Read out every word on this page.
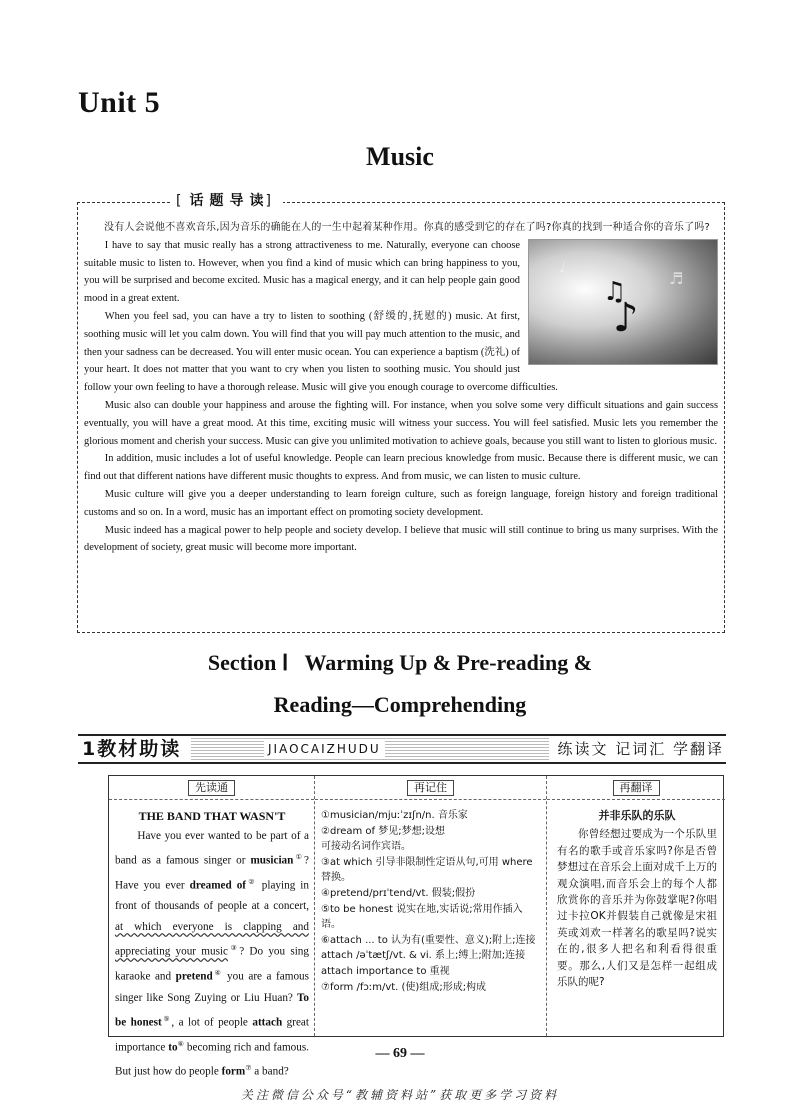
Unit 5
Music
[ 话题导读 ]

没有人会说他不喜欢音乐,因为音乐的确能在人的一生中起着某种作用。你真的感受到它的存在了吗?你真的找到一种适合你的音乐了吗?

♫
♪
♩
♬

I have to say that music really has a strong attractiveness to me. Naturally, everyone can choose suitable music to listen to. However, when you find a kind of music which can bring happiness to you, you will be surprised and become excited. Music has a magical energy, and it can help people gain good mood in a great extent.

When you feel sad, you can have a try to listen to soothing (舒缓的,抚慰的) music. At first, soothing music will let you calm down. You will find that you will pay much attention to the music, and then your sadness can be decreased. You will enter music ocean. You can experience a baptism (洗礼) of your heart. It does not matter that you want to cry when you listen to soothing music. You should just follow your own feeling to have a thorough release. Music will give you enough courage to overcome difficulties.

Music also can double your happiness and arouse the fighting will. For instance, when you solve some very difficult situations and gain success eventually, you will have a great mood. At this time, exciting music will witness your success. You will feel satisfied. Music lets you remember the glorious moment and cherish your success. Music can give you unlimited motivation to achieve goals, because you still want to listen to glorious music.

In addition, music includes a lot of useful knowledge. People can learn precious knowledge from music. Because there is different music, we can find out that different nations have different music thoughts to express. And from music, we can listen to music culture.

Music culture will give you a deeper understanding to learn foreign culture, such as foreign language, foreign history and foreign traditional customs and so on. In a word, music has an important effect on promoting society development.

Music indeed has a magical power to help people and society develop. I believe that music will still continue to bring us many surprises. With the development of society, great music will become more important.

Section Ⅰ   Warming Up & Pre-reading &
Reading—Comprehending
1教材助读	JIAOCAIZHUDU	练读文 记词汇 学翻译
先读通
THE BAND THAT WASN'T

Have you ever wanted to be part of a band as a famous singer or musician①? Have you ever dreamed of② playing in front of thousands of people at a concert, at which everyone is clapping and appreciating your music③? Do you sing karaoke and pretend④ you are a famous singer like Song Zuying or Liu Huan? To be honest⑤, a lot of people attach great importance to⑥ becoming rich and famous. But just how do people form⑦ a band?

再记住
①musician/mjuːˈzɪʃn/n. 音乐家
②dream of 梦见;梦想;设想
可接动名词作宾语。
③at which 引导非限制性定语从句,可用 where 替换。
④pretend/prɪˈtend/vt. 假装;假扮
⑤to be honest 说实在地,实话说;常用作插入语。
⑥attach ... to 认为有(重要性、意义);附上;连接
attach /əˈtætʃ/vt. & vi. 系上;缚上;附加;连接
attach importance to 重视
⑦form /fɔːm/vt. (使)组成;形成;构成
再翻译
并非乐队的乐队

你曾经想过要成为一个乐队里有名的歌手或音乐家吗?你是否曾梦想过在音乐会上面对成千上万的观众演唱,而音乐会上的每个人都欣赏你的音乐并为你鼓掌呢?你唱过卡拉OK并假装自己就像是宋祖英或刘欢一样著名的歌星吗?说实在的,很多人把名和利看得很重要。那么,人们又是怎样一起组成乐队的呢?

— 69 —
关注微信公众号“教辅资料站”获取更多学习资料
